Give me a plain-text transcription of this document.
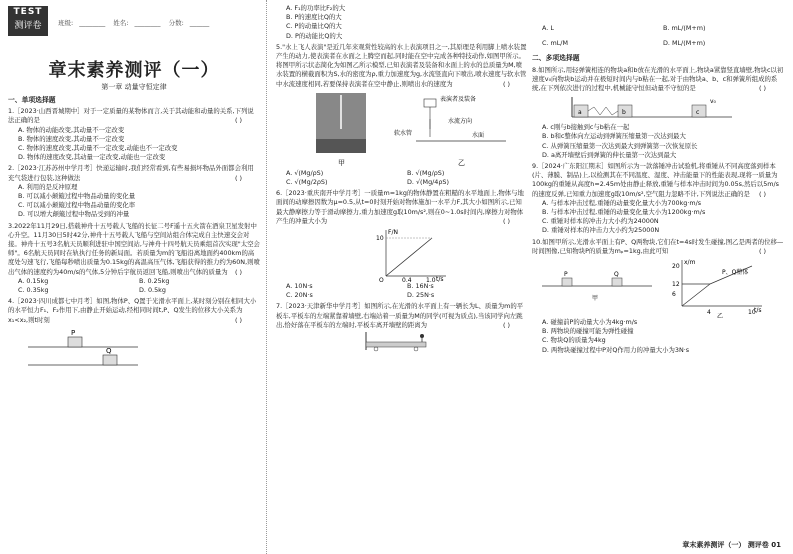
TEST
测评卷	班级: ________ 姓名: ________ 分数: ______
章末素养测评（一）
第一章 动量守恒定律
一、单项选择题
1.［2023·山西晋城期中］对于一定质量的某物体而言,关于其动能和动量的关系,下列说法正确的是	( )
A. 物体的动能改变,其动量不一定改变
B. 物体的速度改变,其动量不一定改变
C. 物体的速度改变,其动量不一定改变,动能也不一定改变
D. 物体的速度改变,其动量一定改变,动能也一定改变
2.［2023·江苏苏州中学月考］快递运输时,我们经常看到,有些易损坏物品外面都会利用充气袋进行包装,这种做法	( )
A. 利用的是反冲原理
B. 可以减小颠簸过程中物品动量的变化量
C. 可以减小颠簸过程中物品动量的变化率
D. 可以增大颠簸过程中物品受到的冲量
3.2022年11月29日,搭载神舟十五号载人飞船的长征二号F遥十五火箭在酒泉卫星发射中心升空。11月30日5时42分,神舟十五号载人飞船与空间站组合体完成自主快速交会对接。神舟十五号3名航天员顺利进驻中国空间站,与神舟十四号航天员乘组首次实现"太空会师"。6名航天员同时在轨执行任务的新局面。若质量为m的飞船沿离地面约400km的高度处匀速飞行,飞船每秒喷出质量为0.15kg的高温高压气体,飞船获得的推力约为60N,则喷出气体的速度约为40m/s的气体,5分钟后宇航员返回飞船,则喷出气体的质量为 ( )
A. 0.15kg	B. 0.25kg
C. 0.35kg	D. 0.5kg
4.［2023·四川成都七中月考］如图,物体P、Q置于光滑水平面上,某时刻分别在相同大小的水平恒力F₁、F₂作用下,由静止开始运动,经相同时间t,P、Q发生的位移大小关系为x₁<x₂,则t时刻	( )
P
Q
A. F₁的功率比F₂的大
B. P的速度比Q的大
C. P的动量比Q的大
D. P的动能比Q的大
5."水上飞人表演"是近几年来观赏性较高的水上表演项目之一,其原理是利用脚上喷水装置产生的动力,使表演者在水面之上腾空而起,同时能在空中完成各种特技动作,如图甲所示。将图甲所示状态简化为如图乙所示模型,已知表演者及装备和水面上的水的总质量为M,喷水装置的横截面积为S,水的密度为ρ,重力加速度为g,水流竖直向下喷出,喷水速度与软水管中水流速度相同,若要保持表演者在空中静止,则喷出水的速度为	( )
甲
表演者及装备
软水管
水流方向
水面
乙
A. √(Mg/ρS)	B. √(Mg/ρS)
C. √(Mg/2ρS)	D. √(Mg/4ρS)
6.［2023·重庆南开中学月考］一质量m=1kg的物体静置在粗糙的水平地面上,物体与地面间的动摩擦因数为μ=0.5,从t=0时刻开始对物体施加一水平力F,其大小如图所示,已知最大静摩擦力等于滑动摩擦力,重力加速度g取10m/s²,则在0~1.0s时间内,摩擦力对物体产生的冲量大小为	( )
F/N
t/s
10
0.4 1.0
O
A. 10N·s	B. 16N·s
C. 20N·s	D. 25N·s
7.［2023·天津新华中学月考］如图所示,在光滑的水平面上有一辆长为L、质量为m的平板车,平板车的左端紧靠着墙壁,右端站着一质量为M的同学(可视为质点),当该同学向左跳出,恰好落在平板车的左端时,平板车离开墙壁的距离为	( )
A. L	B. mL/(M+m)
C. mL/M	D. ML/(M+m)
二、多项选择题
8.如图所示,用轻弹簧相连的物块a和b放在光滑的水平面上,物块a紧靠竖直墙壁,物块c以初速度v₀向物块b运动并在极短时间内与b粘在一起,对于由物块a、b、c和弹簧所组成的系统,在下列依次进行的过程中,机械能守恒但动量不守恒的是	( )
a	b	c
v₀
A. c刚与b接触到c与b粘在一起
B. b和c整体向左运动到弹簧压缩量第一次达到最大
C. 从弹簧压缩量第一次达到最大到弹簧第一次恢复原长
D. a离开墙壁后到弹簧的伸长量第一次达到最大
9.［2024·广东阳江期末］如图所示为一款落锤冲击试验机,将重锤从不同高度落到样本(片、薄膜、制品)上,以检测其在不同温度、湿度、冲击能量下的性能表现,现将一质量为100kg的重锤从高度h=2.45m处由静止释放,重锤与样本冲击时间为0.05s,然后以5m/s的速度反弹,已知重力加速度g取10m/s²,空气阻力忽略不计,下列说法正确的是 ( )
A. 与样本冲击过程,重锤的动量变化量大小为700kg·m/s
B. 与样本冲击过程,重锤的动量变化量大小为1200kg·m/s
C. 重锤对样本的冲击力大小约为24000N
D. 重锤对样本的冲击力大小约为25000N
10.如图甲所示,光滑水平面上有P、Q两物块,它们在t=4s时发生碰撞,图乙是两者的位移—时间图像,已知物块P的质量为mₚ=1kg,由此可知	( )
P	Q
甲
x/m
t/s
20
12
6
4	10
P、Q整体
乙
A. 碰撞前P的动量大小为4kg·m/s
B. 两物块的碰撞可能为弹性碰撞
C. 物块Q的质量为4kg
D. 两物块碰撞过程中P对Q作用力的冲量大小为3N·s
章末素养测评（一） 测评卷 01
